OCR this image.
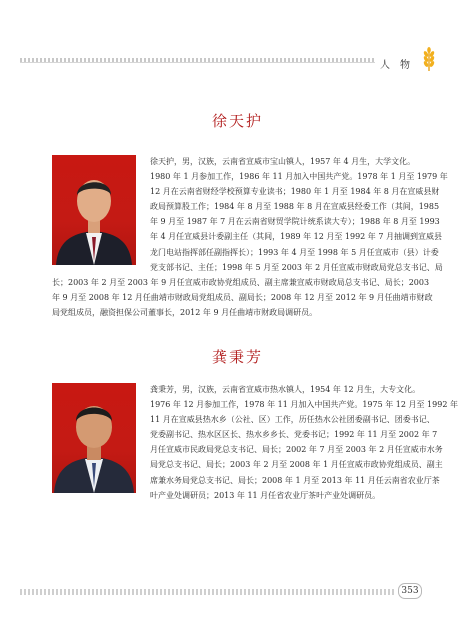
人物
徐天护
徐天护，男，汉族，云南省宣威市宝山镇人，1957 年 4 月生，大学文化。
1980 年 1 月参加工作，1986 年 11 月加入中国共产党。1978 年 1 月至 1979 年
12 月在云南省财经学校预算专业读书；1980 年 1 月至 1984 年 8 月在宣威县财
政局预算股工作；1984 年 8 月至 1988 年 8 月在宣威县经委工作（其间，1985
年 9 月至 1987 年 7 月在云南省财贸学院计统系读大专）；1988 年 8 月至 1993
年 4 月任宣威县计委副主任（其间，1989 年 12 月至 1992 年 7 月抽调到宣威县
龙门电站指挥部任副指挥长）；1993 年 4 月至 1998 年 5 月任宣威市（县）计委
党支部书记、主任；1998 年 5 月至 2003 年 2 月任宣威市财政局党总支书记、局
长；2003 年 2 月至 2003 年 9 月任宣威市政协党组成员、副主席兼宣威市财政局总支书记、局长；2003
年 9 月至 2008 年 12 月任曲靖市财政局党组成员、副局长；2008 年 12 月至 2012 年 9 月任曲靖市财政
局党组成员，融资担保公司董事长，2012 年 9 月任曲靖市财政局调研员。
龚秉芳
龚秉芳，男，汉族，云南省宣威市热水镇人，1954 年 12 月生，大专文化。
1976 年 12 月参加工作，1978 年 11 月加入中国共产党。1975 年 12 月至 1992 年
11 月在宣威县热水乡（公社、区）工作，历任热水公社团委副书记、团委书记、
党委副书记、热水区区长、热水乡乡长、党委书记；1992 年 11 月至 2002 年 7
月任宣威市民政局党总支书记、局长；2002 年 7 月至 2003 年 2 月任宣威市水务
局党总支书记、局长；2003 年 2 月至 2008 年 1 月任宣威市政协党组成员、副主
席兼水务局党总支书记、局长；2008 年 1 月至 2013 年 11 月任云南省农业厅茶
叶产业处调研员；2013 年 11 月任省农业厅茶叶产业处调研员。
353
